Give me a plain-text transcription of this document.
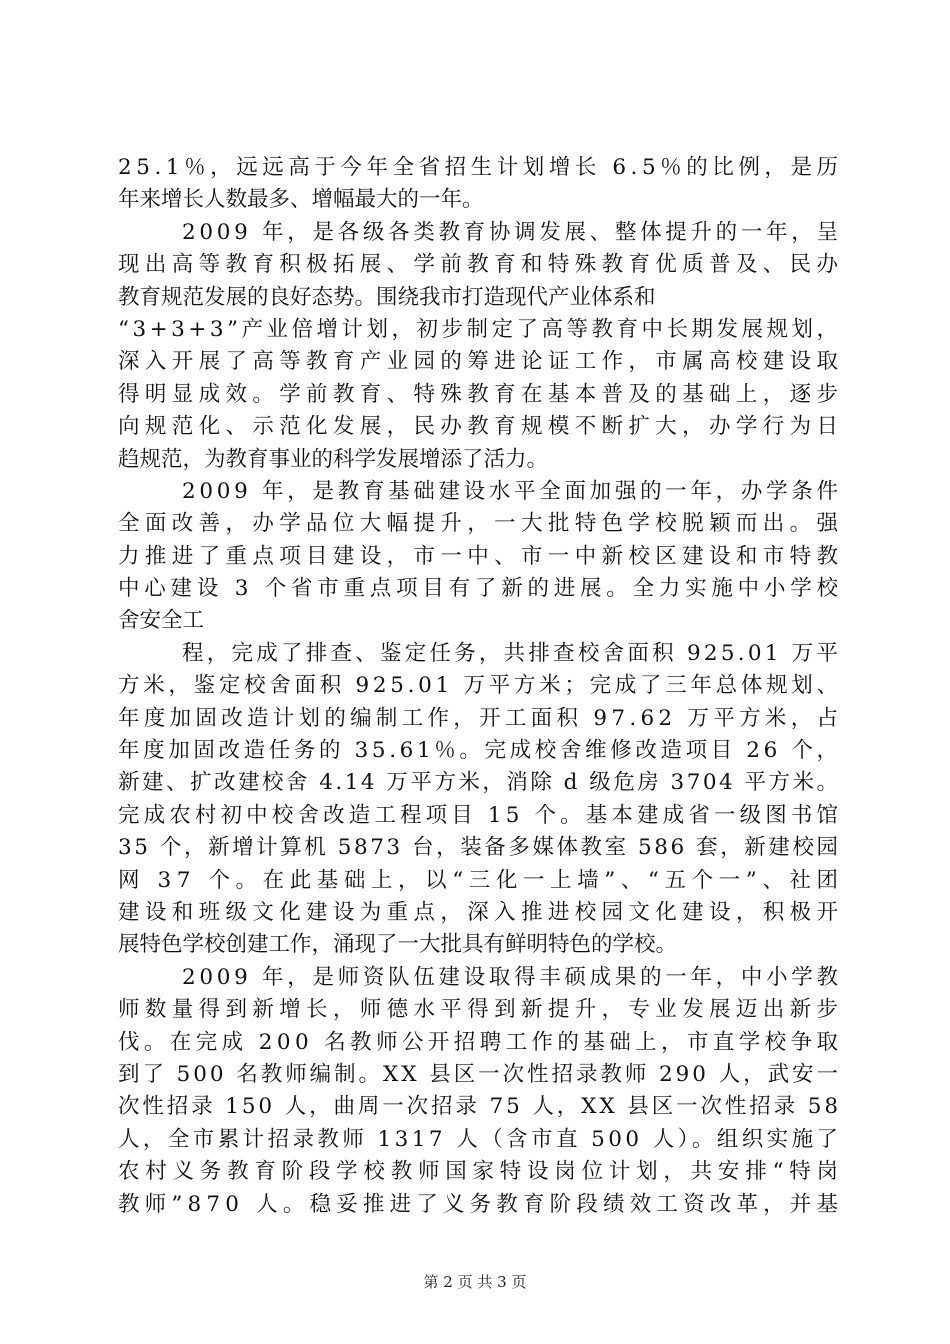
25.1％，远远高于今年全省招生计划增长 6.5％的比例，是历
年来增长人数最多、增幅最大的一年。
2009 年，是各级各类教育协调发展、整体提升的一年，呈
现出高等教育积极拓展、学前教育和特殊教育优质普及、民办
教育规范发展的良好态势。围绕我市打造现代产业体系和
“3+3+3”产业倍增计划，初步制定了高等教育中长期发展规划，
深入开展了高等教育产业园的筹进论证工作，市属高校建设取
得明显成效。学前教育、特殊教育在基本普及的基础上，逐步
向规范化、示范化发展，民办教育规模不断扩大，办学行为日
趋规范，为教育事业的科学发展增添了活力。
2009 年，是教育基础建设水平全面加强的一年，办学条件
全面改善，办学品位大幅提升，一大批特色学校脱颖而出。强
力推进了重点项目建设，市一中、市一中新校区建设和市特教
中心建设 3 个省市重点项目有了新的进展。全力实施中小学校
舍安全工
程，完成了排查、鉴定任务，共排查校舍面积 925.01 万平
方米，鉴定校舍面积 925.01 万平方米；完成了三年总体规划、
年度加固改造计划的编制工作，开工面积 97.62 万平方米，占
年度加固改造任务的 35.61％。完成校舍维修改造项目 26 个，
新建、扩改建校舍 4.14 万平方米，消除 d 级危房 3704 平方米。
完成农村初中校舍改造工程项目 15 个。基本建成省一级图书馆
35 个，新增计算机 5873 台，装备多媒体教室 586 套，新建校园
网 37 个。在此基础上，以“三化一上墙”、“五个一”、社团
建设和班级文化建设为重点，深入推进校园文化建设，积极开
展特色学校创建工作，涌现了一大批具有鲜明特色的学校。
2009 年，是师资队伍建设取得丰硕成果的一年，中小学教
师数量得到新增长，师德水平得到新提升，专业发展迈出新步
伐。在完成 200 名教师公开招聘工作的基础上，市直学校争取
到了 500 名教师编制。XX 县区一次性招录教师 290 人，武安一
次性招录 150 人，曲周一次招录 75 人，XX 县区一次性招录 58
人，全市累计招录教师 1317 人（含市直 500 人）。组织实施了
农村义务教育阶段学校教师国家特设岗位计划，共安排“特岗
教师”870 人。稳妥推进了义务教育阶段绩效工资改革，并基
第 2 页 共 3 页
